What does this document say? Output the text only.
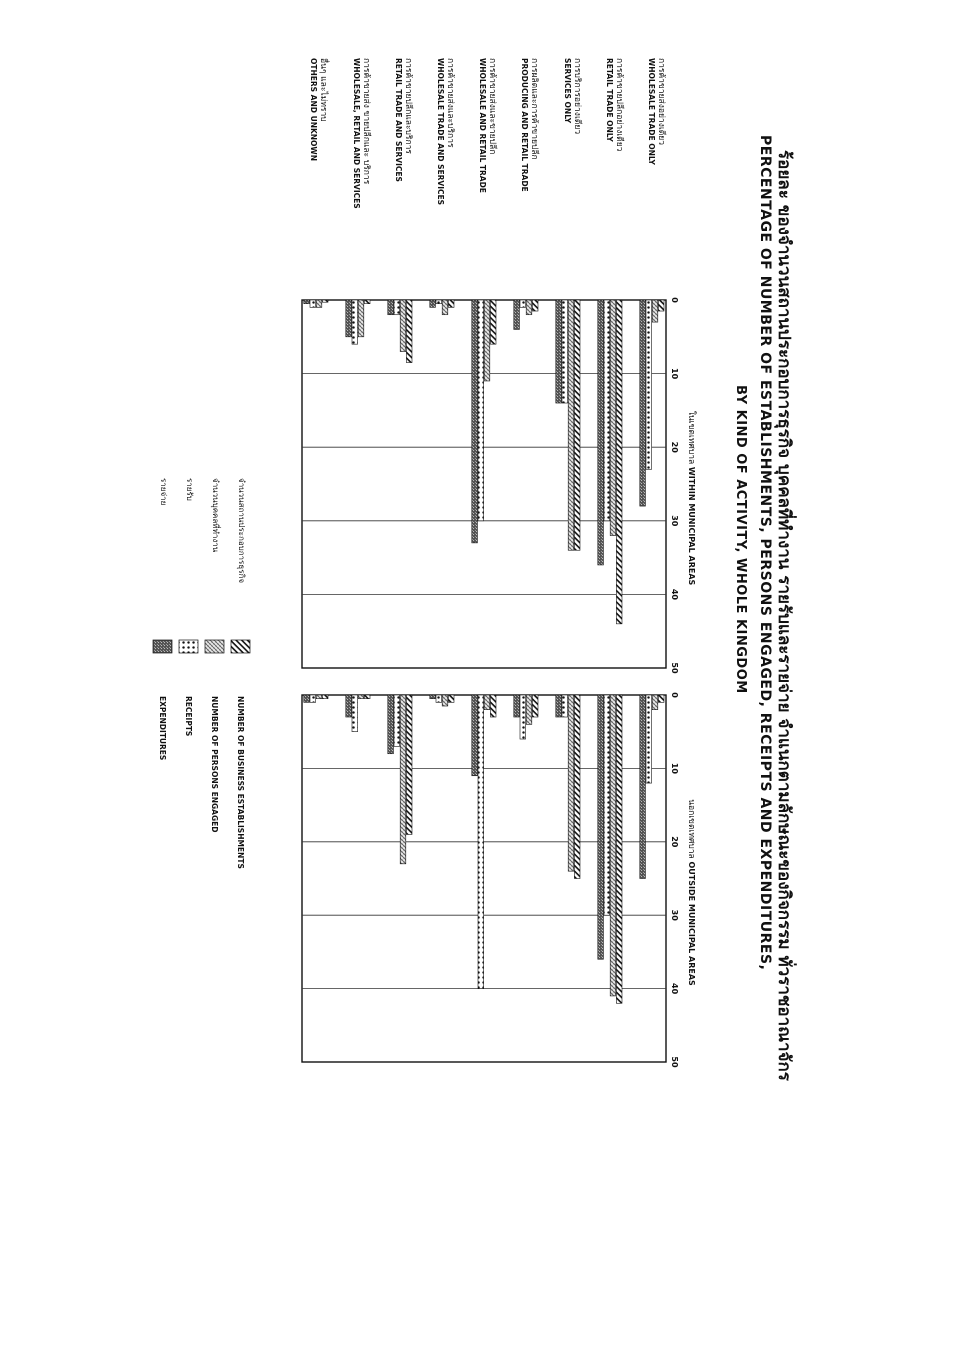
ร้อยละ ของจำนวนสถานประกอบการธุรกิจ บุคคลที่ทำงาน รายรับและรายจ่าย จำแนกตามลักษณะของกิจกรรม ทั่วราชอาณาจักร
PERCENTAGE OF NUMBER OF ESTABLISHMENTS, PERSONS ENGAGED, RECEIPTS AND EXPENDITURES,
BY KIND OF ACTIVITY, WHOLE KINGDOM
การค้าขายส่งอย่างเดียว
WHOLESALE TRADE ONLY
การค้าขายปลีกอย่างเดียว
RETAIL TRADE ONLY
การบริการอย่างเดียว
SERVICES ONLY
การผลิตและการค้าขายปลีก
PRODUCING AND RETAIL TRADE
การค้าขายส่งและขายปลีก
WHOLESALE AND RETAIL TRADE
การค้าขายส่งและบริการ
WHOLESALE TRADE AND SERVICES
การค้าขายปลีกและบริการ
RETAIL TRADE AND SERVICES
การค้าขายส่ง ขายปลีกและ บริการ
WHOLESALE, RETAIL AND SERVICES
อื่นๆ และไม่ทราบ
OTHERS AND UNKNOWN
0
10
20
30
40
50
ในเขตเทศบาล WITHIN MUNICIPAL AREAS
0
10
20
30
40
50
นอกเขตเทศบาล OUTSIDE MUNICIPAL AREAS
จำนวนสถานประกอบการธุรกิจ
จำนวนบุคคลที่ทำงาน
รายรับ
รายจ่าย
NUMBER OF BUSINESS ESTABLISHMENTS
NUMBER OF PERSONS ENGAGED
RECEIPTS
EXPENDITURES
